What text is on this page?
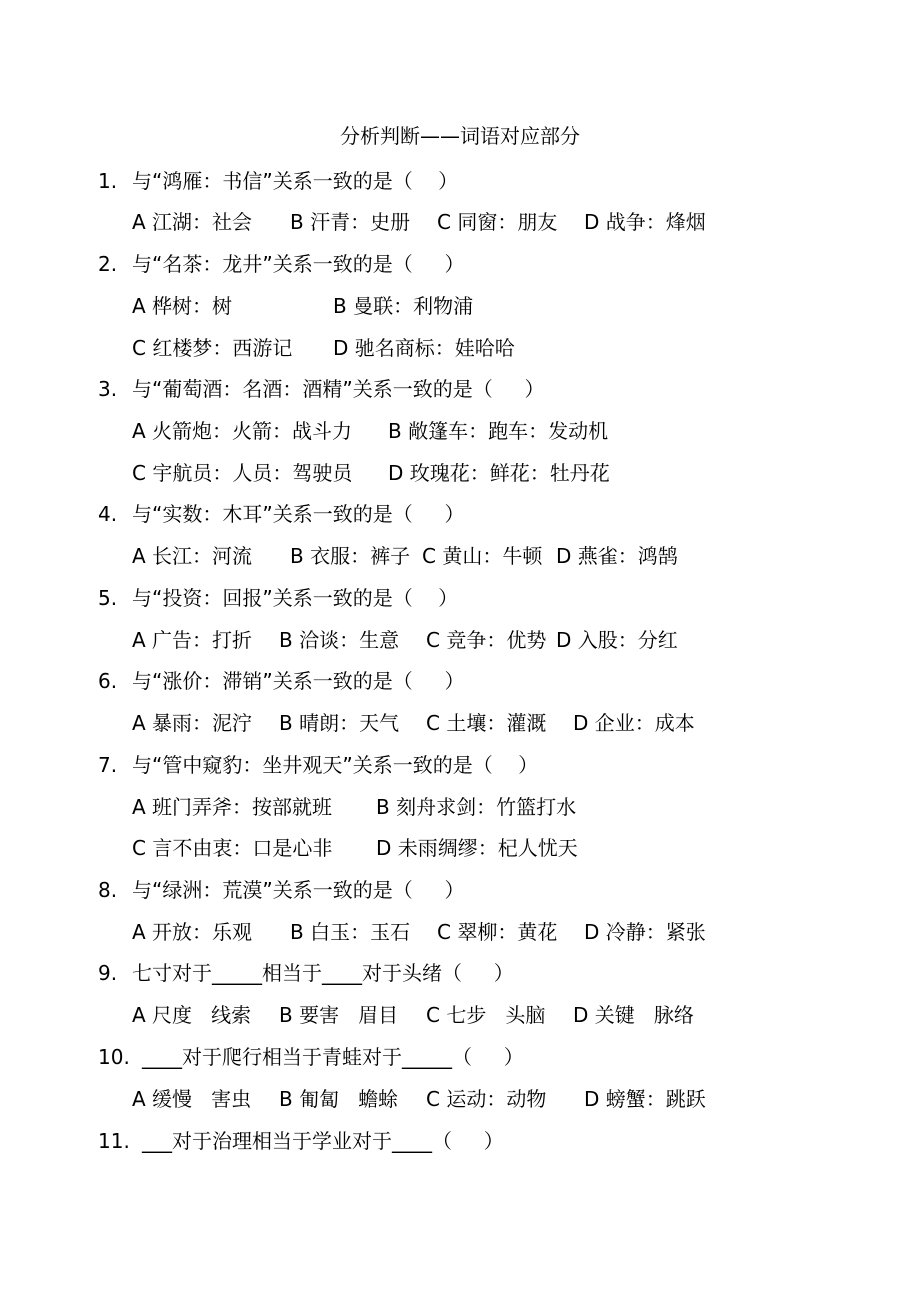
分析判断——词语对应部分
1. 与“鸿雁：书信”关系一致的是（    ）
A 江湖：社会 B 汗青：史册 C 同窗：朋友 D 战争：烽烟
2. 与“名茶：龙井”关系一致的是（     ）
A 桦树：树	B 曼联：利物浦
C 红楼梦：西游记 D 驰名商标：娃哈哈
3. 与“葡萄酒：名酒：酒精”关系一致的是（     ）
A 火箭炮：火箭：战斗力 B 敞篷车：跑车：发动机
C 宇航员：人员：驾驶员 D 玫瑰花：鲜花：牡丹花
4. 与“实数：木耳”关系一致的是（     ）
A 长江：河流 B 衣服：裤子 C 黄山：牛顿 D 燕雀：鸿鹄
5. 与“投资：回报”关系一致的是（    ）
A 广告：打折 B 洽谈：生意 C 竞争：优势 D 入股：分红
6. 与“涨价：滞销”关系一致的是（     ）
A 暴雨：泥泞 B 晴朗：天气 C 土壤：灌溉 D 企业：成本
7. 与“管中窥豹：坐井观天”关系一致的是（    ）
A 班门弄斧：按部就班 B 刻舟求剑：竹篮打水
C 言不由衷：口是心非 D 未雨绸缪：杞人忧天
8. 与“绿洲：荒漠”关系一致的是（     ）
A 开放：乐观 B 白玉：玉石 C 翠柳：黄花 D 冷静：紧张
9. 七寸对于_____相当于____对于头绪（     ）
A 尺度   线索 B 要害   眉目 C 七步   头脑 D 关键   脉络
10. ____对于爬行相当于青蛙对于_____（     ）
A 缓慢   害虫 B 匍匐   蟾蜍 C 运动：动物 D 螃蟹：跳跃
11. ___对于治理相当于学业对于____（     ）
